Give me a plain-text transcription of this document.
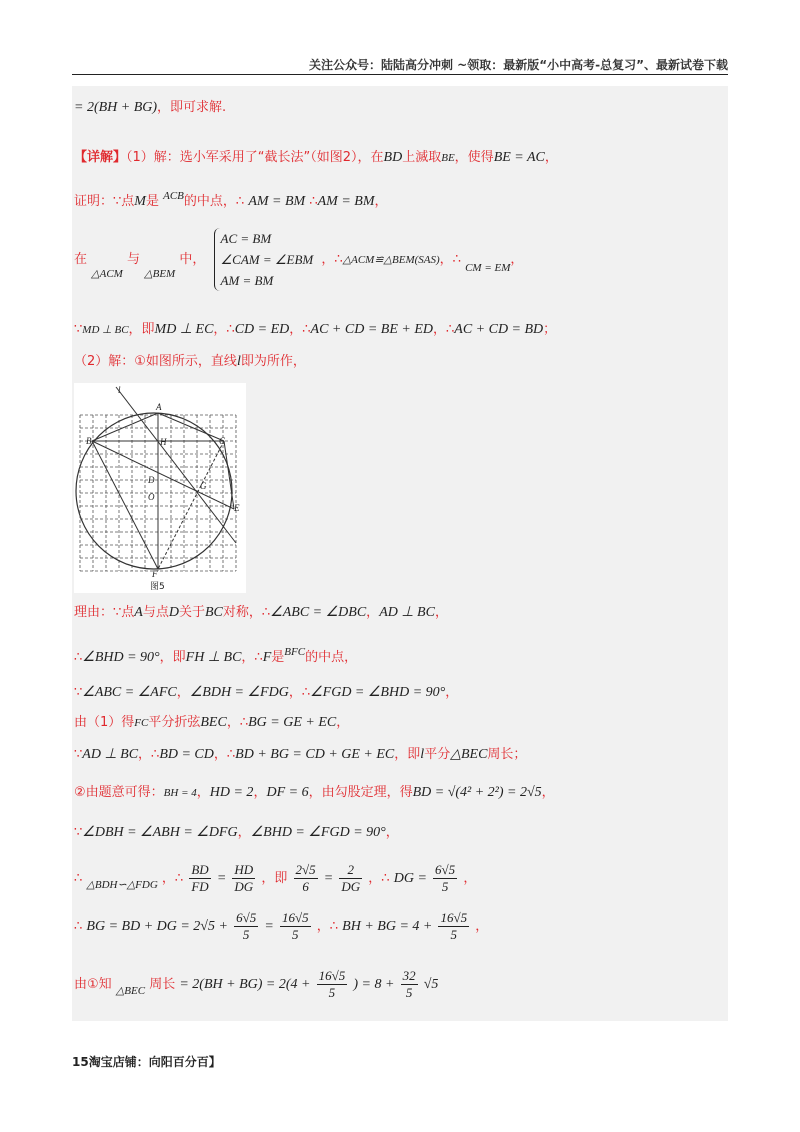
关注公众号：陆陆高分冲刺 ~领取：最新版“小中高考-总复习”、最新试卷下载
= 2(BH + BG)，即可求解.
【详解】（1）解：选小军采用了“截长法”（如图2），在BD上滅取BE，使得BE = AC，
证明：∵点M是 $^{ACB}$的中点，∴ AM = BM ∴AM = BM，
在 $_{\triangle ACM}$ 与 $_{\triangle BEM}$ 中，
AC = BM
∠CAM = ∠EBM
AM = BM
，∴△ACM≌△BEM(SAS)，∴ $_{CM = EM}$，
∵MD ⊥ BC，即MD ⊥ EC，∴CD = ED，∴AC + CD = BE + ED，∴AC + CD = BD；
（2）解：①如图所示，直线l即为所作，
l
A
B	C
H
D
O
G
E
F
图5
理由：∵点A与点D关于BC对称，∴∠ABC = ∠DBC，AD ⊥ BC，
∴∠BHD = 90°，即FH ⊥ BC，∴F是$^{BFC}$的中点，
∵∠ABC = ∠AFC，∠BDH = ∠FDG，∴∠FGD = ∠BHD = 90°，
由（1）得FC平分折弦BEC，∴BG = GE + EC，
∵AD ⊥ BC，∴BD = CD，∴BD + BG = CD + GE + EC，即l平分△BEC周长；
②由题意可得：BH = 4，HD = 2，DF = 6，由勾股定理，得BD = √(4² + 2²) = 2√5，
∵∠DBH = ∠ABH = ∠DFG，∠BHD = ∠FGD = 90°，
∴ $_{\triangle BDH∽\triangle FDG}$ ，∴ $\frac{BD}{FD} = \frac{HD}{DG}$ ，即 $\frac{2√5}{6} = \frac{2}{DG}$ ，∴ DG = $\frac{6√5}{5}$ ，
∴ BG = BD + DG = $2√5 + \frac{6√5}{5} = \frac{16√5}{5}$ ，∴ BH + BG = $4 + \frac{16√5}{5}$ ，
由①知 $_{\triangle BEC}$ 周长 = $2(BH + BG) = 2(4 + \frac{16√5}{5}$ ) = $8 + \frac{32}{5} √5$
15淘宝店铺：向阳百分百】
